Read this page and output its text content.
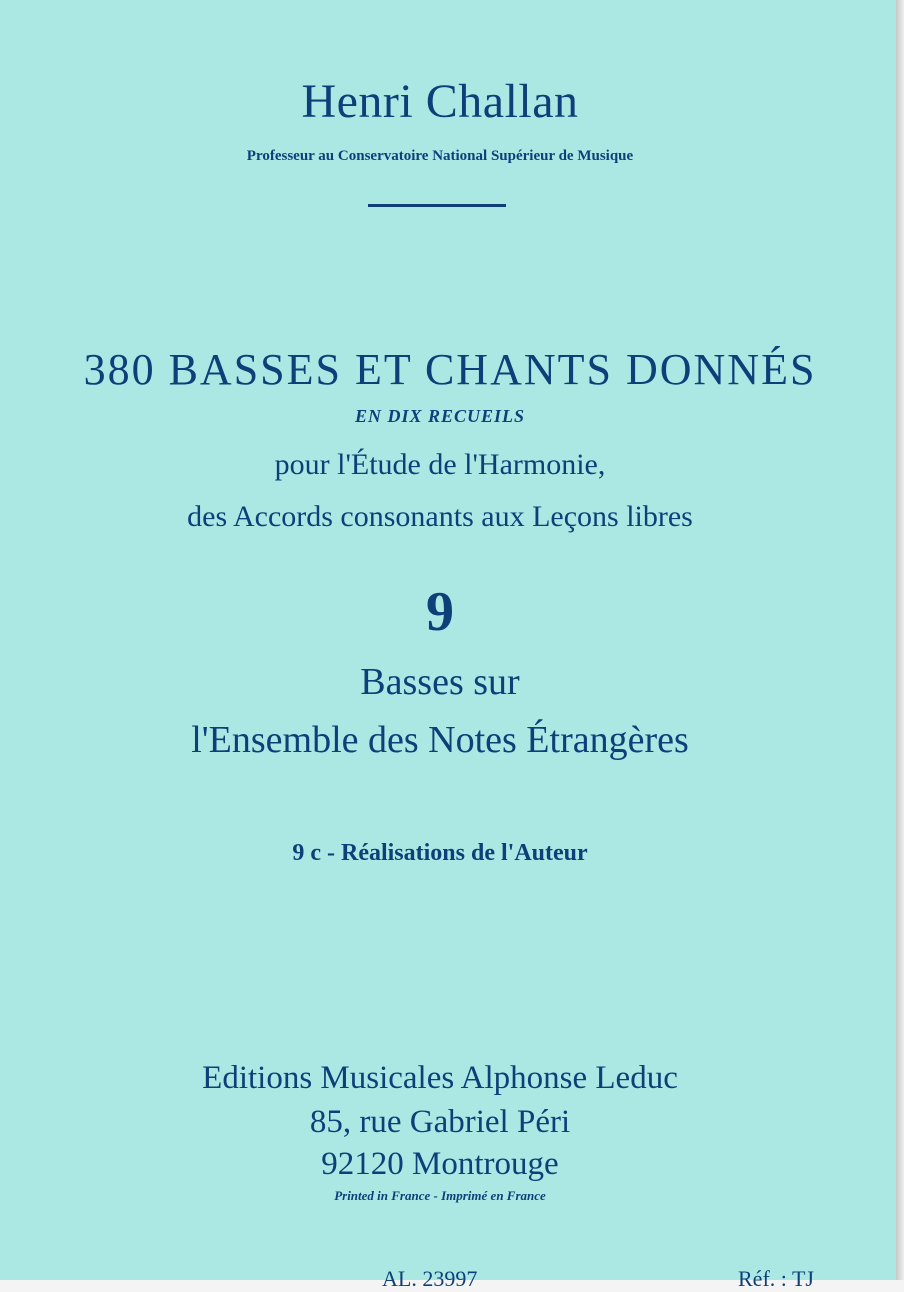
Henri Challan
Professeur au Conservatoire National Supérieur de Musique
380 BASSES ET CHANTS DONNÉS
EN DIX RECUEILS
pour l'Étude de l'Harmonie,
des Accords consonants aux Leçons libres
9
Basses sur
l'Ensemble des Notes Étrangères
9 c - Réalisations de l'Auteur
Editions Musicales Alphonse Leduc
85, rue Gabriel Péri
92120 Montrouge
Printed in France - Imprimé en France
AL. 23997	Réf. : TJ
